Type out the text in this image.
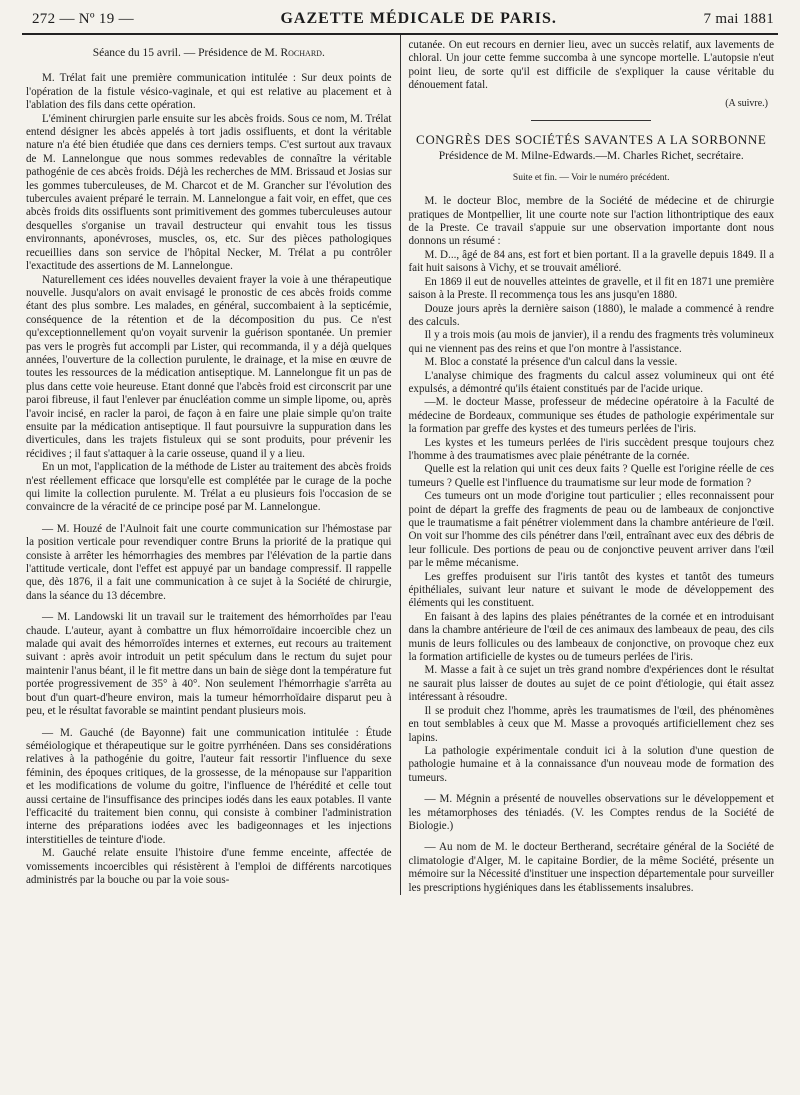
272 — Nº 19 —	GAZETTE MÉDICALE DE PARIS.	7 mai 1881

Séance du 15 avril. — Présidence de M. Rochard.

M. Trélat fait une première communication intitulée : Sur deux points de l'opération de la fistule vésico-vaginale, et qui est relative au placement et à l'ablation des fils dans cette opération.

L'éminent chirurgien parle ensuite sur les abcès froids. Sous ce nom, M. Trélat entend désigner les abcès appelés à tort jadis ossifluents, et dont la véritable nature n'a été bien étudiée que dans ces derniers temps. C'est surtout aux travaux de M. Lannelongue que nous sommes redevables de connaître la véritable pathogénie de ces abcès froids. Déjà les recherches de MM. Brissaud et Josias sur les gommes tuberculeuses, de M. Charcot et de M. Grancher sur l'évolution des tubercules avaient préparé le terrain. M. Lannelongue a fait voir, en effet, que ces abcès froids dits ossifluents sont primitivement des gommes tuberculeuses autour desquelles s'organise un travail destructeur qui envahit tous les tissus environnants, aponévroses, muscles, os, etc. Sur des pièces pathologiques recueillies dans son service de l'hôpital Necker, M. Trélat a pu contrôler l'exactitude des assertions de M. Lannelongue.

Naturellement ces idées nouvelles devaient frayer la voie à une thérapeutique nouvelle. Jusqu'alors on avait envisagé le pronostic de ces abcès froids comme étant des plus sombre. Les malades, en général, succombaient à la septicémie, conséquence de la rétention et de la décomposition du pus. Ce n'est qu'exceptionnellement qu'on voyait survenir la guérison spontanée. Un premier pas vers le progrès fut accompli par Lister, qui recommanda, il y a déjà quelques années, l'ouverture de la collection purulente, le drainage, et la mise en œuvre de toutes les ressources de la médication antiseptique. M. Lannelongue fit un pas de plus dans cette voie heureuse. Etant donné que l'abcès froid est circonscrit par une paroi fibreuse, il faut l'enlever par énucléation comme un simple lipome, ou, après l'avoir incisé, en racler la paroi, de façon à en faire une plaie simple qu'on traite ensuite par la médication antiseptique. Il faut poursuivre la suppuration dans les diverticules, dans les trajets fistuleux qui se sont produits, pour prévenir les récidives ; il faut s'attaquer à la carie osseuse, quand il y a lieu.

En un mot, l'application de la méthode de Lister au traitement des abcès froids n'est réellement efficace que lorsqu'elle est complétée par le curage de la poche qui limite la collection purulente. M. Trélat a eu plusieurs fois l'occasion de se convaincre de la véracité de ce principe posé par M. Lannelongue.

— M. Houzé de l'Aulnoit fait une courte communication sur l'hémostase par la position verticale pour revendiquer contre Bruns la priorité de la pratique qui consiste à arrêter les hémorrhagies des membres par l'élévation de la partie dans l'attitude verticale, dont l'effet est appuyé par un bandage compressif. Il rappelle que, dès 1876, il a fait une communication à ce sujet à la Société de chirurgie, dans la séance du 13 décembre.

— M. Landowski lit un travail sur le traitement des hémorrhoïdes par l'eau chaude. L'auteur, ayant à combattre un flux hémorroïdaire incoercible chez un malade qui avait des hémorroïdes internes et externes, eut recours au traitement suivant : après avoir introduit un petit spéculum dans le rectum du sujet pour maintenir l'anus béant, il le fit mettre dans un bain de siège dont la température fut portée progressivement de 35° à 40°. Non seulement l'hémorrhagie s'arrêta au bout d'un quart-d'heure environ, mais la tumeur hémorrhoïdaire disparut peu à peu, et le résultat favorable se maintint pendant plusieurs mois.

— M. Gauché (de Bayonne) fait une communication intitulée : Étude séméiologique et thérapeutique sur le goitre pyrrhénéen. Dans ses considérations relatives à la pathogénie du goitre, l'auteur fait ressortir l'influence du sexe féminin, des époques critiques, de la grossesse, de la ménopause sur l'apparition et les modifications de volume du goitre, l'influence de l'hérédité et celle tout aussi certaine de l'insuffisance des principes iodés dans les eaux potables. Il vante l'efficacité du traitement bien connu, qui consiste à combiner l'administration interne des préparations iodées avec les badigeonnages et les injections interstitielles de teinture d'iode.

M. Gauché relate ensuite l'histoire d'une femme enceinte, affectée de vomissements incoercibles qui résistèrent à l'emploi de différents narcotiques administrés par la bouche ou par la voie sous-

cutanée. On eut recours en dernier lieu, avec un succès relatif, aux lavements de chloral. Un jour cette femme succomba à une syncope mortelle. L'autopsie n'eut point lieu, de sorte qu'il est difficile de s'expliquer la cause véritable du dénouement fatal.

(A suivre.)

CONGRÈS DES SOCIÉTÉS SAVANTES A LA SORBONNE

Présidence de M. Milne-Edwards.—M. Charles Richet, secrétaire.

Suite et fin. — Voir le numéro précédent.

M. le docteur Bloc, membre de la Société de médecine et de chirurgie pratiques de Montpellier, lit une courte note sur l'action lithontriptique des eaux de la Preste. Ce travail s'appuie sur une observation importante dont nous donnons un résumé :

M. D..., âgé de 84 ans, est fort et bien portant. Il a la gravelle depuis 1849. Il a fait huit saisons à Vichy, et se trouvait amélioré.

En 1869 il eut de nouvelles atteintes de gravelle, et il fit en 1871 une première saison à la Preste. Il recommença tous les ans jusqu'en 1880.

Douze jours après la dernière saison (1880), le malade a commencé à rendre des calculs.

Il y a trois mois (au mois de janvier), il a rendu des fragments très volumineux qui ne viennent pas des reins et que l'on montre à l'assistance.

M. Bloc a constaté la présence d'un calcul dans la vessie.

L'analyse chimique des fragments du calcul assez volumineux qui ont été expulsés, a démontré qu'ils étaient constitués par de l'acide urique.

—M. le docteur Masse, professeur de médecine opératoire à la Faculté de médecine de Bordeaux, communique ses études de pathologie expérimentale sur la formation par greffe des kystes et des tumeurs perlées de l'iris.

Les kystes et les tumeurs perlées de l'iris succèdent presque toujours chez l'homme à des traumatismes avec plaie pénétrante de la cornée.

Quelle est la relation qui unit ces deux faits ? Quelle est l'origine réelle de ces tumeurs ? Quelle est l'influence du traumatisme sur leur mode de formation ?

Ces tumeurs ont un mode d'origine tout particulier ; elles reconnaissent pour point de départ la greffe des fragments de peau ou de lambeaux de conjonctive que le traumatisme a fait pénétrer violemment dans la chambre antérieure de l'œil. On voit sur l'homme des cils pénétrer dans l'œil, entraînant avec eux des débris de leur follicule. Des portions de peau ou de conjonctive peuvent arriver dans l'œil par le même mécanisme.

Les greffes produisent sur l'iris tantôt des kystes et tantôt des tumeurs épithéliales, suivant leur nature et suivant le mode de développement des éléments qui les constituent.

En faisant à des lapins des plaies pénétrantes de la cornée et en introduisant dans la chambre antérieure de l'œil de ces animaux des lambeaux de peau, des cils munis de leurs follicules ou des lambeaux de conjonctive, on provoque chez eux la formation artificielle de kystes ou de tumeurs perlées de l'iris.

M. Masse a fait à ce sujet un très grand nombre d'expériences dont le résultat ne saurait plus laisser de doutes au sujet de ce point d'étiologie, qui était assez intéressant à résoudre.

Il se produit chez l'homme, après les traumatismes de l'œil, des phénomènes en tout semblables à ceux que M. Masse a provoqués artificiellement chez ses lapins.

La pathologie expérimentale conduit ici à la solution d'une question de pathologie humaine et à la connaissance d'un nouveau mode de formation des tumeurs.

— M. Mégnin a présenté de nouvelles observations sur le développement et les métamorphoses des téniadés. (V. les Comptes rendus de la Société de Biologie.)

— Au nom de M. le docteur Bertherand, secrétaire général de la Société de climatologie d'Alger, M. le capitaine Bordier, de la même Société, présente un mémoire sur la Nécessité d'instituer une inspection départementale pour surveiller les prescriptions hygiéniques dans les établissements insalubres.
